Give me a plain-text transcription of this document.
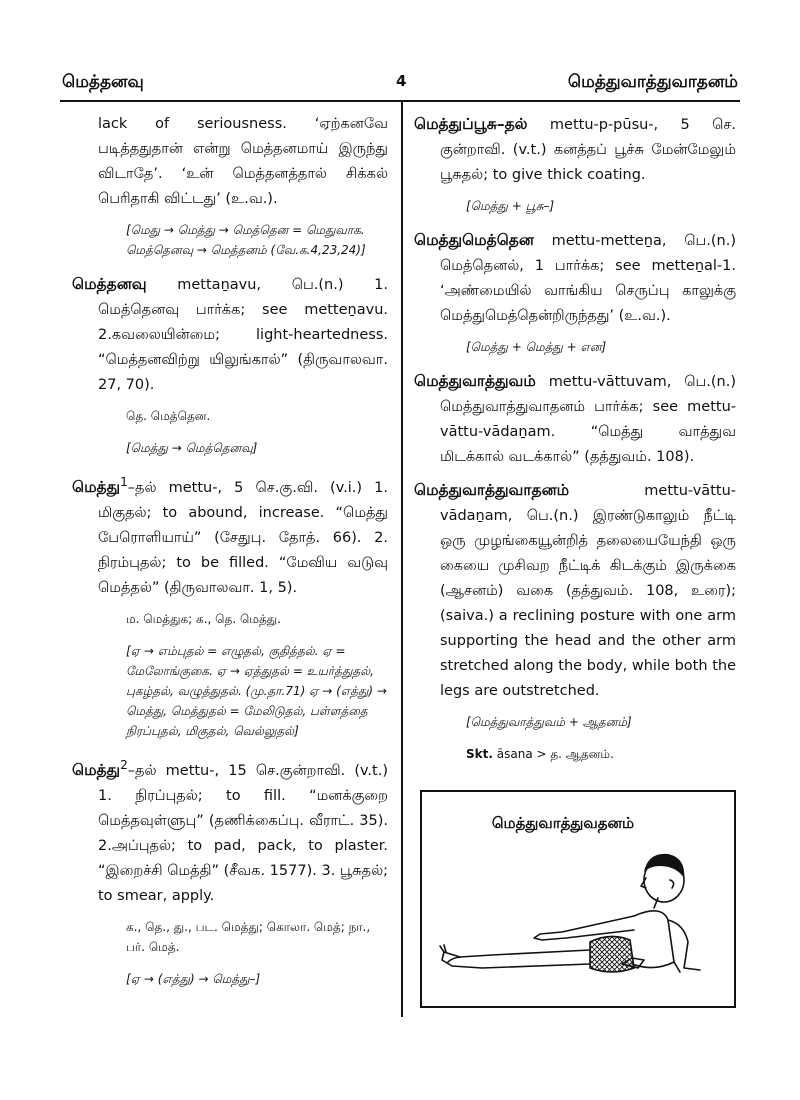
மெத்தனவு	4	மெத்துவாத்துவாதனம்

lack of seriousness. ‘ஏற்கனவே படித்ததுதான் என்று மெத்தனமாய் இருந்து விடாதே’. ‘உன் மெத்தனத்தால் சிக்கல் பெரிதாகி விட்டது’ (உ.வ.).

[மெது → மெத்து → மெத்தென = மெதுவாக. மெத்தெனவு → மெத்தனம் (வே.க.4,23,24)]

மெத்தனவு mettaṉavu, பெ.(n.) 1. மெத்தெனவு பார்க்க; see metteṉavu. 2.கவலையின்மை; light-heartedness. “மெத்தனவிற்று யிலுங்கால்” (திருவாலவா. 27, 70).

தெ. மெத்தென.

[மெத்து → மெத்தெனவு]

மெத்து$^1$–தல் mettu-, 5 செ.கு.வி. (v.i.) 1. மிகுதல்; to abound, increase. “மெத்து பேரொளியாய்” (சேதுபு. தோத். 66). 2. நிரம்புதல்; to be filled. “மேவிய வடுவு மெத்தல்” (திருவாலவா. 1, 5).

ம. மெத்துக; க., தெ. மெத்து.

[ஏ → எம்புதல் = எழுதல், குதித்தல். ஏ = மேலோங்குகை. ஏ → ஏத்துதல் = உயர்த்துதல், புகழ்தல், வழுத்துதல். (மு.தா.71) ஏ → (எத்து) → மெத்து, மெத்துதல் = மேலிடுதல், பள்ளத்தை நிரப்புதல், மிகுதல், வெல்லுதல்]

மெத்து$^2$–தல் mettu-, 15 செ.குன்றாவி. (v.t.) 1. நிரப்புதல்; to fill. “மனக்குறை மெத்தவுள்ளுபு” (தணிக்கைப்பு. வீராட். 35). 2.அப்புதல்; to pad, pack, to plaster. “இறைச்சி மெத்தி” (சீவக. 1577). 3. பூசுதல்; to smear, apply.

க., தெ., து., பட. மெத்து; கொலா. மெத்; நா., பர். மெத்.

[ஏ → (எத்து) → மெத்து–]

மெத்துப்பூசு–தல் mettu-p-pūsu-, 5 செ. குன்றாவி. (v.t.) கனத்தப் பூச்சு மேன்மேலும் பூசுதல்; to give thick coating.

[மெத்து + பூசு–]

மெத்துமெத்தென mettu-metteṉa, பெ.(n.) மெத்தெனல், 1 பார்க்க; see metteṉal-1. ‘அண்மையில் வாங்கிய செருப்பு காலுக்கு மெத்துமெத்தென்றிருந்தது’ (உ.வ.).

[மெத்து + மெத்து + என]

மெத்துவாத்துவம் mettu-vāttuvam, பெ.(n.) மெத்துவாத்துவாதனம் பார்க்க; see mettu-vāttu-vādaṉam. “மெத்து வாத்துவ மிடக்கால் வடக்கால்” (தத்துவம். 108).

மெத்துவாத்துவாதனம்	mettu-vāttu-vādaṉam, பெ.(n.) இரண்டுகாலும் நீட்டி ஒரு முழங்கையூன்றித் தலையையேந்தி ஒரு கையை முசிவற நீட்டிக் கிடக்கும் இருக்கை (ஆசனம்) வகை (தத்துவம். 108, உரை); (saiva.) a reclining posture with one arm supporting the head and the other arm stretched along the body, while both the legs are outstretched.

[மெத்துவாத்துவம் + ஆதனம்]

Skt. āsana > த. ஆதனம்.

மெத்துவாத்துவதனம்
